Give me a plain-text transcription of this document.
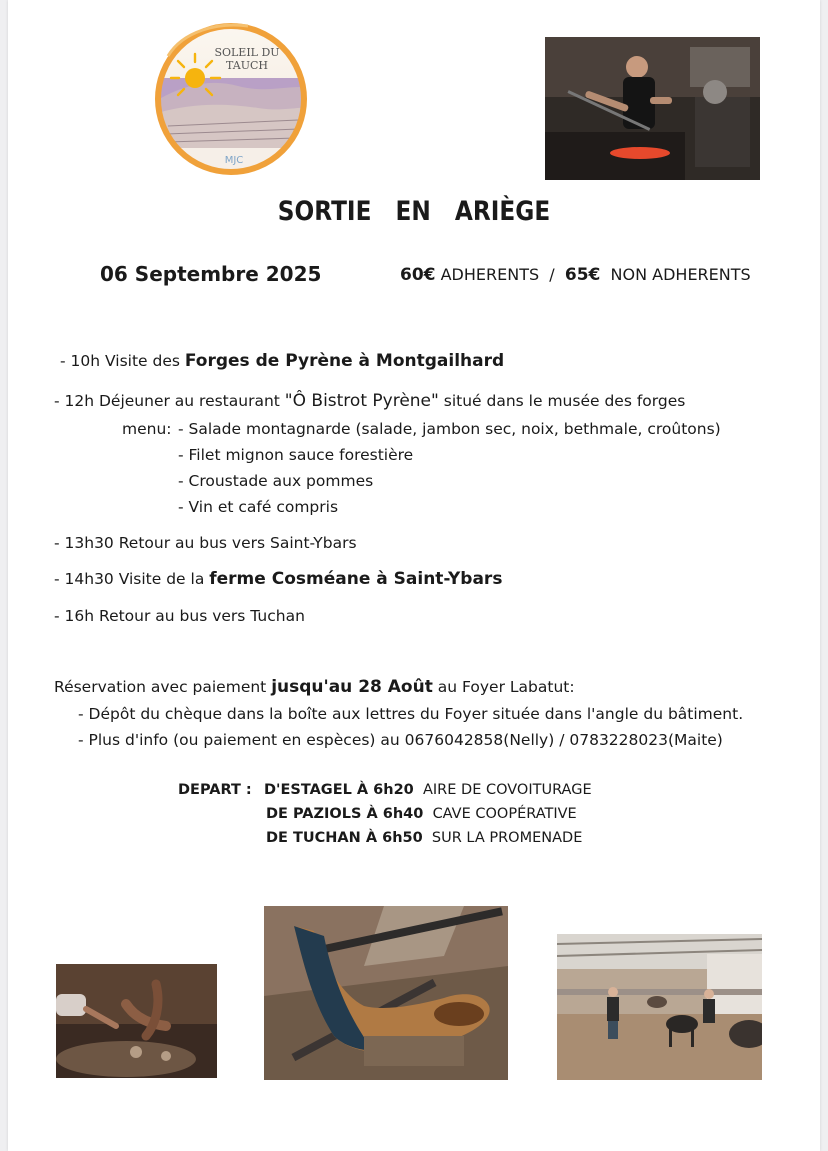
SOLEIL DU
TAUCH
MJC
SORTIE EN ARIÈGE
06 Septembre 2025	60€ ADHERENTS / 65€ NON ADHERENTS
- 10h Visite des Forges de Pyrène à Montgailhard
- 12h Déjeuner au restaurant "Ô Bistrot Pyrène" situé dans le musée des forges
menu: - Salade montagnarde (salade, jambon sec, noix, bethmale, croûtons)
- Filet mignon sauce forestière
- Croustade aux pommes
- Vin et café compris
- 13h30 Retour au bus vers Saint-Ybars
- 14h30 Visite de la ferme Cosméane à Saint-Ybars
- 16h Retour au bus vers Tuchan
Réservation avec paiement jusqu'au 28 Août au Foyer Labatut:
- Dépôt du chèque dans la boîte aux lettres du Foyer située dans l'angle du bâtiment.
- Plus d'info (ou paiement en espèces) au 0676042858(Nelly) / 0783228023(Maite)
DEPART : D'ESTAGEL À 6h20 AIRE DE COVOITURAGE
DE PAZIOLS À 6h40 CAVE COOPÉRATIVE
DE TUCHAN À 6h50 SUR LA PROMENADE
